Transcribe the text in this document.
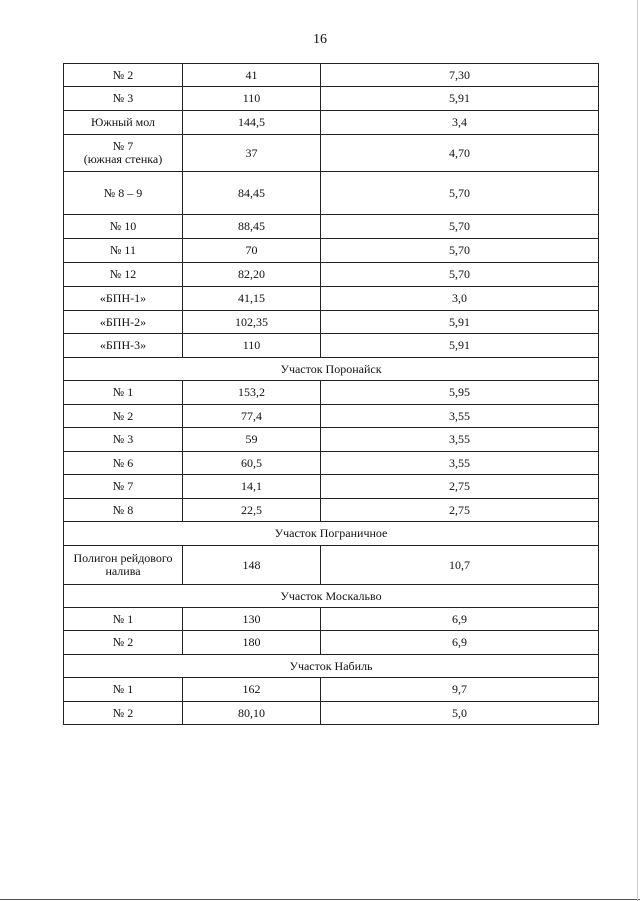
16
№ 2	41	7,30
№ 3	110	5,91
Южный мол	144,5	3,4
№ 7
(южная стенка)	37	4,70
№ 8 – 9	84,45	5,70
№ 10	88,45	5,70
№ 11	70	5,70
№ 12	82,20	5,70
«БПН-1»	41,15	3,0
«БПН-2»	102,35	5,91
«БПН-3»	110	5,91
Участок Поронайск		
№ 1	153,2	5,95
№ 2	77,4	3,55
№ 3	59	3,55
№ 6	60,5	3,55
№ 7	14,1	2,75
№ 8	22,5	2,75
Участок Пограничное		
Полигон рейдового
налива	148	10,7
Участок Москальво		
№ 1	130	6,9
№ 2	180	6,9
Участок Набиль		
№ 1	162	9,7
№ 2	80,10	5,0
